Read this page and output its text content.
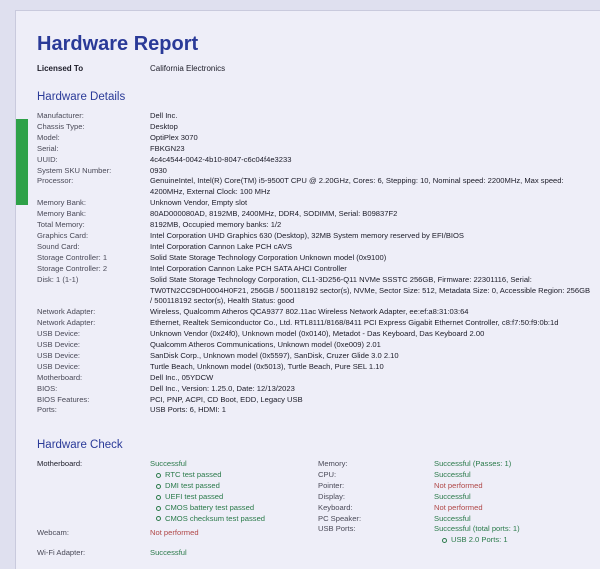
Hardware Report
Licensed To	California Electronics
Hardware Details
Manufacturer:	Dell Inc.
Chassis Type:	Desktop
Model:	OptiPlex 3070
Serial:	FBKGN23
UUID:	4c4c4544-0042-4b10-8047-c6c04f4e3233
System SKU Number:	0930
Processor:	GenuineIntel, Intel(R) Core(TM) i5-9500T CPU @ 2.20GHz, Cores: 6, Stepping: 10, Nominal speed: 2200MHz, Max speed: 4200MHz, External Clock: 100 MHz
Memory Bank:	Unknown Vendor, Empty slot
Memory Bank:	80AD000080AD, 8192MB, 2400MHz, DDR4, SODIMM, Serial: B09837F2
Total Memory:	8192MB, Occupied memory banks: 1/2
Graphics Card:	Intel Corporation UHD Graphics 630 (Desktop), 32MB System memory reserved by EFI/BIOS
Sound Card:	Intel Corporation Cannon Lake PCH cAVS
Storage Controller: 1	Solid State Storage Technology Corporation Unknown model (0x9100)
Storage Controller: 2	Intel Corporation Cannon Lake PCH SATA AHCI Controller
Disk: 1 (1-1)	Solid State Storage Technology Corporation, CL1-3D256-Q11 NVMe SSSTC 256GB, Firmware: 22301116, Serial: TW0TN2CC9DH0004H0F21, 256GB / 500118192 sector(s), NVMe, Sector Size: 512, Metadata Size: 0, Accessible Region: 256GB / 500118192 sector(s), Health Status: good
Network Adapter:	Wireless, Qualcomm Atheros QCA9377 802.11ac Wireless Network Adapter, ee:ef:a8:31:03:64
Network Adapter:	Ethernet, Realtek Semiconductor Co., Ltd. RTL8111/8168/8411 PCI Express Gigabit Ethernet Controller, c8:f7:50:f9:0b:1d
USB Device:	Unknown Vendor (0x24f0), Unknown model (0x0140), Metadot - Das Keyboard, Das Keyboard 2.00
USB Device:	Qualcomm Atheros Communications, Unknown model (0xe009) 2.01
USB Device:	SanDisk Corp., Unknown model (0x5597), SanDisk, Cruzer Glide 3.0 2.10
USB Device:	Turtle Beach, Unknown model (0x5013), Turtle Beach, Pure SEL 1.10
Motherboard:	Dell Inc., 05YDCW
BIOS:	Dell Inc., Version: 1.25.0, Date: 12/13/2023
BIOS Features:	PCI, PNP, ACPI, CD Boot, EDD, Legacy USB
Ports:	USB Ports: 6, HDMI: 1
Hardware Check
Motherboard:	Successful
RTC test passed
DMI test passed
UEFI test passed
CMOS battery test passed
CMOS checksum test passed
Webcam:	Not performed
Wi-Fi Adapter:	Successful
Memory:	Successful (Passes: 1)
CPU:	Successful
Pointer:	Not performed
Display:	Successful
Keyboard:	Not performed
PC Speaker:	Successful
USB Ports:	Successful (total ports: 1)
USB 2.0 Ports: 1
